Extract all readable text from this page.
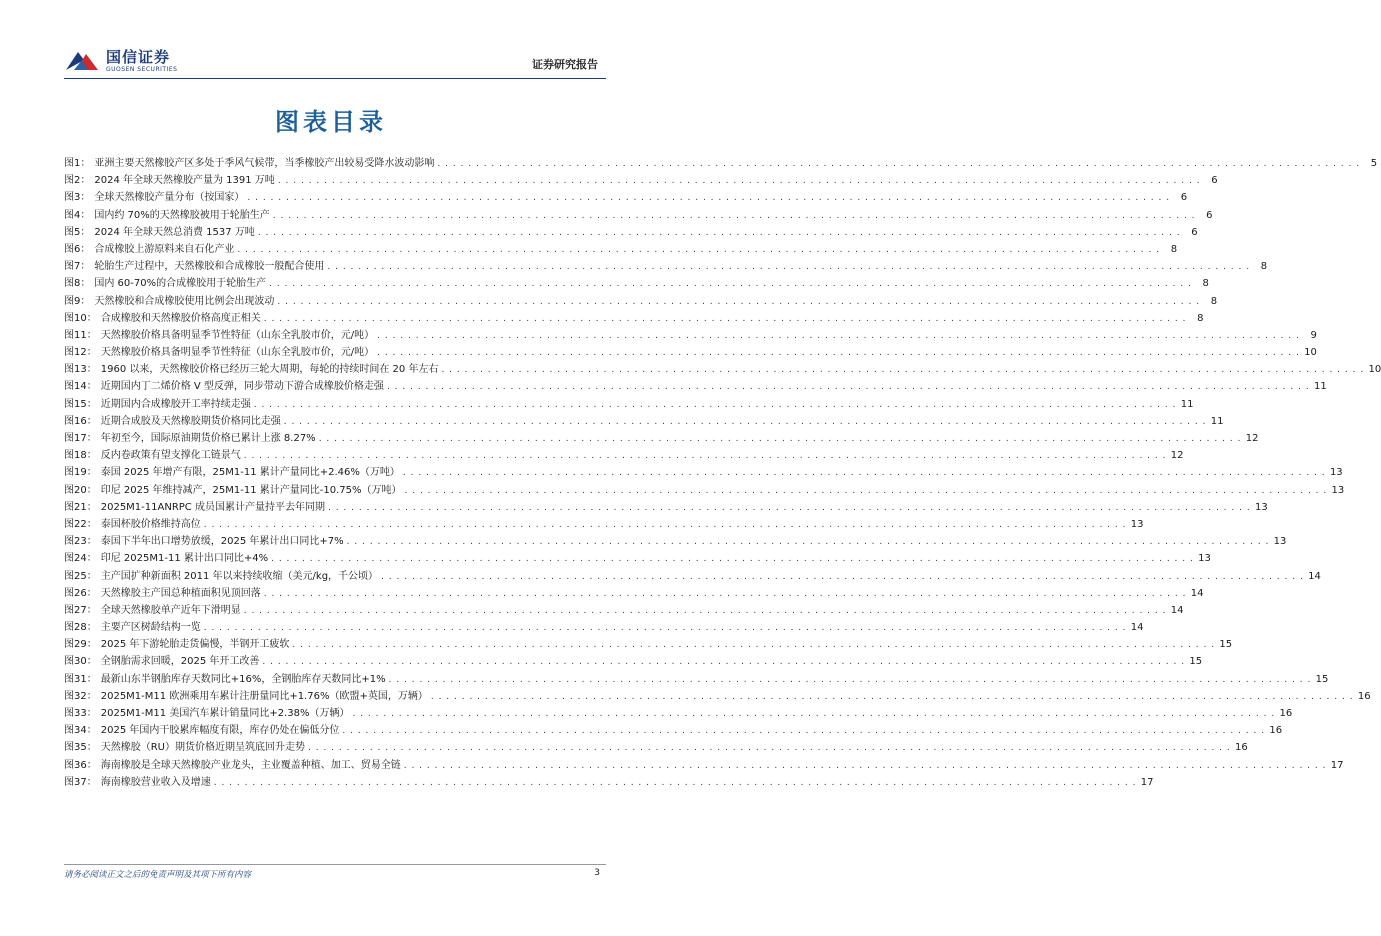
国信证券
GUOSEN SECURITIES	证券研究报告
图表目录
图1： 亚洲主要天然橡胶产区多处于季风气候带，当季橡胶产出较易受降水波动影响 . . . . . . . . . . . . . . . . . . . . . . . . . . . . . . . . . . . . . . . . . . . . . . . . . . . . . . . . . . . . . . . . . . . . . . . . . . . . . . . . . . . . . . . . . . . . . . . . . . . . . . . . . . . . . . . . . . . . . . . .	5
图2： 2024 年全球天然橡胶产量为 1391 万吨 . . . . . . . . . . . . . . . . . . . . . . . . . . . . . . . . . . . . . . . . . . . . . . . . . . . . . . . . . . . . . . . . . . . . . . . . . . . . . . . . . . . . . . . . . . . . . . . . . . . . . . . . . . . . . . . . . . . . . . . .	6
图3： 全球天然橡胶产量分布（按国家） . . . . . . . . . . . . . . . . . . . . . . . . . . . . . . . . . . . . . . . . . . . . . . . . . . . . . . . . . . . . . . . . . . . . . . . . . . . . . . . . . . . . . . . . . . . . . . . . . . . . . . . . . . . . . . . . . . . . . . . .	6
图4： 国内约 70%的天然橡胶被用于轮胎生产 . . . . . . . . . . . . . . . . . . . . . . . . . . . . . . . . . . . . . . . . . . . . . . . . . . . . . . . . . . . . . . . . . . . . . . . . . . . . . . . . . . . . . . . . . . . . . . . . . . . . . . . . . . . . . . . . . . . . . . . .	6
图5： 2024 年全球天然总消费 1537 万吨 . . . . . . . . . . . . . . . . . . . . . . . . . . . . . . . . . . . . . . . . . . . . . . . . . . . . . . . . . . . . . . . . . . . . . . . . . . . . . . . . . . . . . . . . . . . . . . . . . . . . . . . . . . . . . . . . . . . . . . . .	6
图6： 合成橡胶上游原料来自石化产业 . . . . . . . . . . . . . . . . . . . . . . . . . . . . . . . . . . . . . . . . . . . . . . . . . . . . . . . . . . . . . . . . . . . . . . . . . . . . . . . . . . . . . . . . . . . . . . . . . . . . . . . . . . . . . . . . . . . . . . . .	8
图7： 轮胎生产过程中，天然橡胶和合成橡胶一般配合使用 . . . . . . . . . . . . . . . . . . . . . . . . . . . . . . . . . . . . . . . . . . . . . . . . . . . . . . . . . . . . . . . . . . . . . . . . . . . . . . . . . . . . . . . . . . . . . . . . . . . . . . . . . . . . . . . . . . . . . . . .	8
图8： 国内 60-70%的合成橡胶用于轮胎生产 . . . . . . . . . . . . . . . . . . . . . . . . . . . . . . . . . . . . . . . . . . . . . . . . . . . . . . . . . . . . . . . . . . . . . . . . . . . . . . . . . . . . . . . . . . . . . . . . . . . . . . . . . . . . . . . . . . . . . . . .	8
图9： 天然橡胶和合成橡胶使用比例会出现波动 . . . . . . . . . . . . . . . . . . . . . . . . . . . . . . . . . . . . . . . . . . . . . . . . . . . . . . . . . . . . . . . . . . . . . . . . . . . . . . . . . . . . . . . . . . . . . . . . . . . . . . . . . . . . . . . . . . . . . . . .	8
图10： 合成橡胶和天然橡胶价格高度正相关 . . . . . . . . . . . . . . . . . . . . . . . . . . . . . . . . . . . . . . . . . . . . . . . . . . . . . . . . . . . . . . . . . . . . . . . . . . . . . . . . . . . . . . . . . . . . . . . . . . . . . . . . . . . . . . . . . . . . . . . .	8
图11： 天然橡胶价格具备明显季节性特征（山东全乳胶市价，元/吨） . . . . . . . . . . . . . . . . . . . . . . . . . . . . . . . . . . . . . . . . . . . . . . . . . . . . . . . . . . . . . . . . . . . . . . . . . . . . . . . . . . . . . . . . . . . . . . . . . . . . . . . . . . . . . . . . . . . . . . . .	9
图12： 天然橡胶价格具备明显季节性特征（山东全乳胶市价，元/吨） . . . . . . . . . . . . . . . . . . . . . . . . . . . . . . . . . . . . . . . . . . . . . . . . . . . . . . . . . . . . . . . . . . . . . . . . . . . . . . . . . . . . . . . . . . . . . . . . . . . . . . . . . . . . . . . . . . . . . . . . 10
图13： 1960 以来，天然橡胶价格已经历三轮大周期，每轮的持续时间在 20 年左右 . . . . . . . . . . . . . . . . . . . . . . . . . . . . . . . . . . . . . . . . . . . . . . . . . . . . . . . . . . . . . . . . . . . . . . . . . . . . . . . . . . . . . . . . . . . . . . . . . . . . . . . . . . . . . . . . . . . . . . . . 10
图14： 近期国内丁二烯价格 V 型反弹，同步带动下游合成橡胶价格走强 . . . . . . . . . . . . . . . . . . . . . . . . . . . . . . . . . . . . . . . . . . . . . . . . . . . . . . . . . . . . . . . . . . . . . . . . . . . . . . . . . . . . . . . . . . . . . . . . . . . . . . . . . . . . . . . . . . . . . . . . 11
图15： 近期国内合成橡胶开工率持续走强 . . . . . . . . . . . . . . . . . . . . . . . . . . . . . . . . . . . . . . . . . . . . . . . . . . . . . . . . . . . . . . . . . . . . . . . . . . . . . . . . . . . . . . . . . . . . . . . . . . . . . . . . . . . . . . . . . . . . . . . . 11
图16： 近期合成胶及天然橡胶期货价格同比走强 . . . . . . . . . . . . . . . . . . . . . . . . . . . . . . . . . . . . . . . . . . . . . . . . . . . . . . . . . . . . . . . . . . . . . . . . . . . . . . . . . . . . . . . . . . . . . . . . . . . . . . . . . . . . . . . . . . . . . . . . 11
图17： 年初至今，国际原油期货价格已累计上涨 8.27% . . . . . . . . . . . . . . . . . . . . . . . . . . . . . . . . . . . . . . . . . . . . . . . . . . . . . . . . . . . . . . . . . . . . . . . . . . . . . . . . . . . . . . . . . . . . . . . . . . . . . . . . . . . . . . . . . . . . . . . . 12
图18： 反内卷政策有望支撑化工链景气 . . . . . . . . . . . . . . . . . . . . . . . . . . . . . . . . . . . . . . . . . . . . . . . . . . . . . . . . . . . . . . . . . . . . . . . . . . . . . . . . . . . . . . . . . . . . . . . . . . . . . . . . . . . . . . . . . . . . . . . . 12
图19： 泰国 2025 年增产有限，25M1-11 累计产量同比+2.46%（万吨） . . . . . . . . . . . . . . . . . . . . . . . . . . . . . . . . . . . . . . . . . . . . . . . . . . . . . . . . . . . . . . . . . . . . . . . . . . . . . . . . . . . . . . . . . . . . . . . . . . . . . . . . . . . . . . . . . . . . . . . . 13
图20： 印尼 2025 年维持减产，25M1-11 累计产量同比-10.75%（万吨） . . . . . . . . . . . . . . . . . . . . . . . . . . . . . . . . . . . . . . . . . . . . . . . . . . . . . . . . . . . . . . . . . . . . . . . . . . . . . . . . . . . . . . . . . . . . . . . . . . . . . . . . . . . . . . . . . . . . . . . . 13
图21： 2025M1-11ANRPC 成员国累计产量持平去年同期 . . . . . . . . . . . . . . . . . . . . . . . . . . . . . . . . . . . . . . . . . . . . . . . . . . . . . . . . . . . . . . . . . . . . . . . . . . . . . . . . . . . . . . . . . . . . . . . . . . . . . . . . . . . . . . . . . . . . . . . . 13
图22： 泰国杯胶价格维持高位 . . . . . . . . . . . . . . . . . . . . . . . . . . . . . . . . . . . . . . . . . . . . . . . . . . . . . . . . . . . . . . . . . . . . . . . . . . . . . . . . . . . . . . . . . . . . . . . . . . . . . . . . . . . . . . . . . . . . . . . . 13
图23： 泰国下半年出口增势放缓，2025 年累计出口同比+7% . . . . . . . . . . . . . . . . . . . . . . . . . . . . . . . . . . . . . . . . . . . . . . . . . . . . . . . . . . . . . . . . . . . . . . . . . . . . . . . . . . . . . . . . . . . . . . . . . . . . . . . . . . . . . . . . . . . . . . . . 13
图24： 印尼 2025M1-11 累计出口同比+4% . . . . . . . . . . . . . . . . . . . . . . . . . . . . . . . . . . . . . . . . . . . . . . . . . . . . . . . . . . . . . . . . . . . . . . . . . . . . . . . . . . . . . . . . . . . . . . . . . . . . . . . . . . . . . . . . . . . . . . . . 13
图25： 主产国扩种新面积 2011 年以来持续收缩（美元/kg，千公顷） . . . . . . . . . . . . . . . . . . . . . . . . . . . . . . . . . . . . . . . . . . . . . . . . . . . . . . . . . . . . . . . . . . . . . . . . . . . . . . . . . . . . . . . . . . . . . . . . . . . . . . . . . . . . . . . . . . . . . . . . 14
图26： 天然橡胶主产国总种植面积见顶回落 . . . . . . . . . . . . . . . . . . . . . . . . . . . . . . . . . . . . . . . . . . . . . . . . . . . . . . . . . . . . . . . . . . . . . . . . . . . . . . . . . . . . . . . . . . . . . . . . . . . . . . . . . . . . . . . . . . . . . . . . 14
图27： 全球天然橡胶单产近年下滑明显 . . . . . . . . . . . . . . . . . . . . . . . . . . . . . . . . . . . . . . . . . . . . . . . . . . . . . . . . . . . . . . . . . . . . . . . . . . . . . . . . . . . . . . . . . . . . . . . . . . . . . . . . . . . . . . . . . . . . . . . . 14
图28： 主要产区树龄结构一览 . . . . . . . . . . . . . . . . . . . . . . . . . . . . . . . . . . . . . . . . . . . . . . . . . . . . . . . . . . . . . . . . . . . . . . . . . . . . . . . . . . . . . . . . . . . . . . . . . . . . . . . . . . . . . . . . . . . . . . . . 14
图29： 2025 年下游轮胎走货偏慢，半钢开工疲软 . . . . . . . . . . . . . . . . . . . . . . . . . . . . . . . . . . . . . . . . . . . . . . . . . . . . . . . . . . . . . . . . . . . . . . . . . . . . . . . . . . . . . . . . . . . . . . . . . . . . . . . . . . . . . . . . . . . . . . . . 15
图30： 全钢胎需求回暖，2025 年开工改善 . . . . . . . . . . . . . . . . . . . . . . . . . . . . . . . . . . . . . . . . . . . . . . . . . . . . . . . . . . . . . . . . . . . . . . . . . . . . . . . . . . . . . . . . . . . . . . . . . . . . . . . . . . . . . . . . . . . . . . . . 15
图31： 最新山东半钢胎库存天数同比+16%，全钢胎库存天数同比+1% . . . . . . . . . . . . . . . . . . . . . . . . . . . . . . . . . . . . . . . . . . . . . . . . . . . . . . . . . . . . . . . . . . . . . . . . . . . . . . . . . . . . . . . . . . . . . . . . . . . . . . . . . . . . . . . . . . . . . . . . 15
图32： 2025M1-M11 欧洲乘用车累计注册量同比+1.76%（欧盟+英国，万辆） . . . . . . . . . . . . . . . . . . . . . . . . . . . . . . . . . . . . . . . . . . . . . . . . . . . . . . . . . . . . . . . . . . . . . . . . . . . . . . . . . . . . . . . . . . . . . . . . . . . . . . . . . . . . . . . . . . . . . . . . 16
图33： 2025M1-M11 美国汽车累计销量同比+2.38%（万辆） . . . . . . . . . . . . . . . . . . . . . . . . . . . . . . . . . . . . . . . . . . . . . . . . . . . . . . . . . . . . . . . . . . . . . . . . . . . . . . . . . . . . . . . . . . . . . . . . . . . . . . . . . . . . . . . . . . . . . . . . 16
图34： 2025 年国内干胶累库幅度有限，库存仍处在偏低分位 . . . . . . . . . . . . . . . . . . . . . . . . . . . . . . . . . . . . . . . . . . . . . . . . . . . . . . . . . . . . . . . . . . . . . . . . . . . . . . . . . . . . . . . . . . . . . . . . . . . . . . . . . . . . . . . . . . . . . . . . 16
图35： 天然橡胶（RU）期货价格近期呈筑底回升走势 . . . . . . . . . . . . . . . . . . . . . . . . . . . . . . . . . . . . . . . . . . . . . . . . . . . . . . . . . . . . . . . . . . . . . . . . . . . . . . . . . . . . . . . . . . . . . . . . . . . . . . . . . . . . . . . . . . . . . . . . 16
图36： 海南橡胶是全球天然橡胶产业龙头，主业覆盖种植、加工、贸易全链 . . . . . . . . . . . . . . . . . . . . . . . . . . . . . . . . . . . . . . . . . . . . . . . . . . . . . . . . . . . . . . . . . . . . . . . . . . . . . . . . . . . . . . . . . . . . . . . . . . . . . . . . . . . . . . . . . . . . . . . . 17
图37： 海南橡胶营业收入及增速 . . . . . . . . . . . . . . . . . . . . . . . . . . . . . . . . . . . . . . . . . . . . . . . . . . . . . . . . . . . . . . . . . . . . . . . . . . . . . . . . . . . . . . . . . . . . . . . . . . . . . . . . . . . . . . . . . . . . . . . . 17
请务必阅读正文之后的免责声明及其项下所有内容	3
